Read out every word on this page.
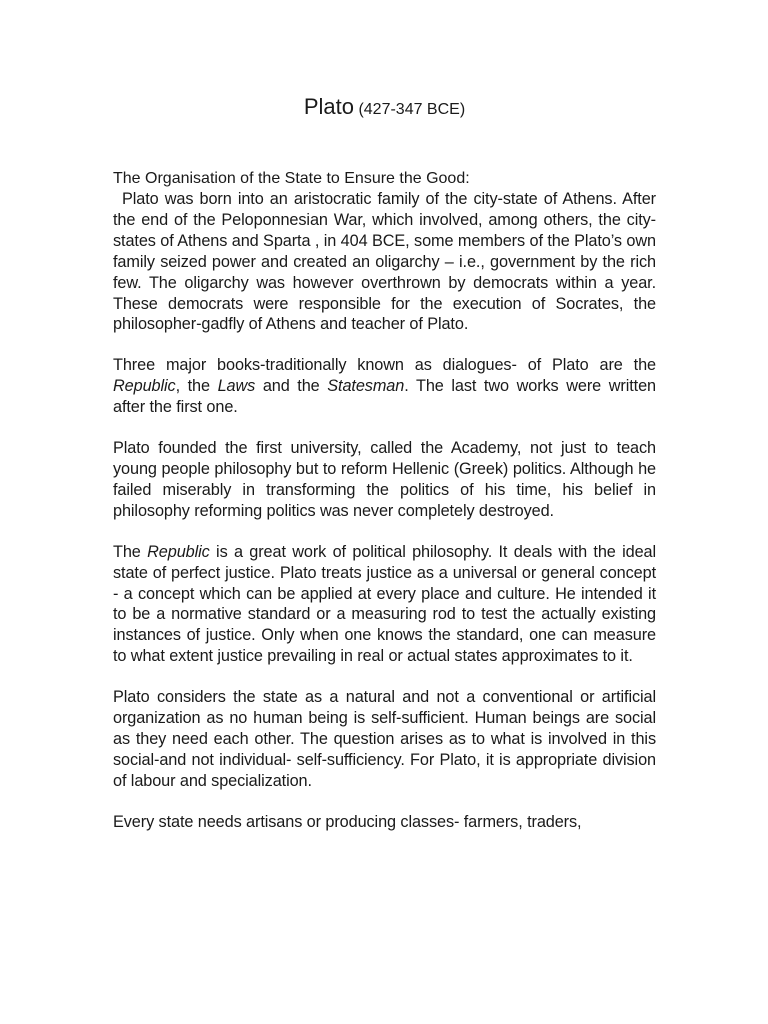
Plato (427-347 BCE)

The Organisation of the State to Ensure the Good:

Plato was born into an aristocratic family of the city-state of Athens. After the end of the Peloponnesian War, which involved, among others, the city-states of Athens and Sparta , in 404 BCE, some members of the Plato’s own family seized power and created an oligarchy – i.e., government by the rich few. The oligarchy was however overthrown by democrats within a year. These democrats were responsible for the execution of Socrates, the philosopher-gadfly of Athens and teacher of Plato.

Three major books-traditionally known as dialogues- of Plato are the Republic, the Laws and the Statesman. The last two works were written after the first one.

Plato founded the first university, called the Academy, not just to teach young people philosophy but to reform Hellenic (Greek) politics. Although he failed miserably in transforming the politics of his time, his belief in philosophy reforming politics was never completely destroyed.

The Republic is a great work of political philosophy. It deals with the ideal state of perfect justice. Plato treats justice as a universal or general concept - a concept which can be applied at every place and culture. He intended it to be a normative standard or a measuring rod to test the actually existing instances of justice. Only when one knows the standard, one can measure to what extent justice prevailing in real or actual states approximates to it.

Plato considers the state as a natural and not a conventional or artificial organization as no human being is self-sufficient. Human beings are social as they need each other. The question arises as to what is involved in this social-and not individual- self-sufficiency. For Plato, it is appropriate division of labour and specialization.

Every state needs artisans or producing classes- farmers, traders,
